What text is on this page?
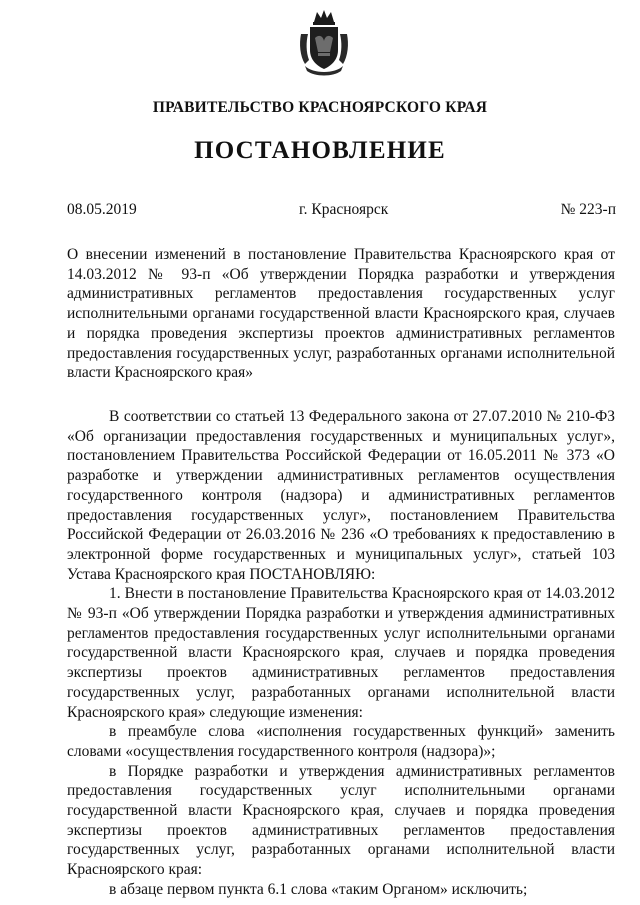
ПРАВИТЕЛЬСТВО КРАСНОЯРСКОГО КРАЯ
ПОСТАНОВЛЕНИЕ
08.05.2019	г. Красноярск	№ 223-п
О внесении изменений в постановление Правительства Красноярского края от 14.03.2012 № 93-п «Об утверждении Порядка разработки и утверждения административных регламентов предоставления государственных услуг исполнительными органами государственной власти Красноярского края, случаев и порядка проведения экспертизы проектов административных регламентов предоставления государственных услуг, разработанных органами исполнительной власти Красноярского края»

В соответствии со статьей 13 Федерального закона от 27.07.2010 № 210-ФЗ «Об организации предоставления государственных и муниципальных услуг», постановлением Правительства Российской Федерации от 16.05.2011 № 373 «О разработке и утверждении административных регламентов осуществления государственного контроля (надзора) и административных регламентов предоставления государственных услуг», постановлением Правительства Российской Федерации от 26.03.2016 № 236 «О требованиях к предоставлению в электронной форме государственных и муниципальных услуг», статьей 103 Устава Красноярского края ПОСТАНОВЛЯЮ:

1. Внести в постановление Правительства Красноярского края от 14.03.2012 № 93-п «Об утверждении Порядка разработки и утверждения административных регламентов предоставления государственных услуг исполнительными органами государственной власти Красноярского края, случаев и порядка проведения экспертизы проектов административных регламентов предоставления государственных услуг, разработанных органами исполнительной власти Красноярского края» следующие изменения:

в преамбуле слова «исполнения государственных функций» заменить словами «осуществления государственного контроля (надзора)»;

в Порядке разработки и утверждения административных регламентов предоставления государственных услуг исполнительными органами государственной власти Красноярского края, случаев и порядка проведения экспертизы проектов административных регламентов предоставления государственных услуг, разработанных органами исполнительной власти Красноярского края:

в абзаце первом пункта 6.1 слова «таким Органом» исключить;
